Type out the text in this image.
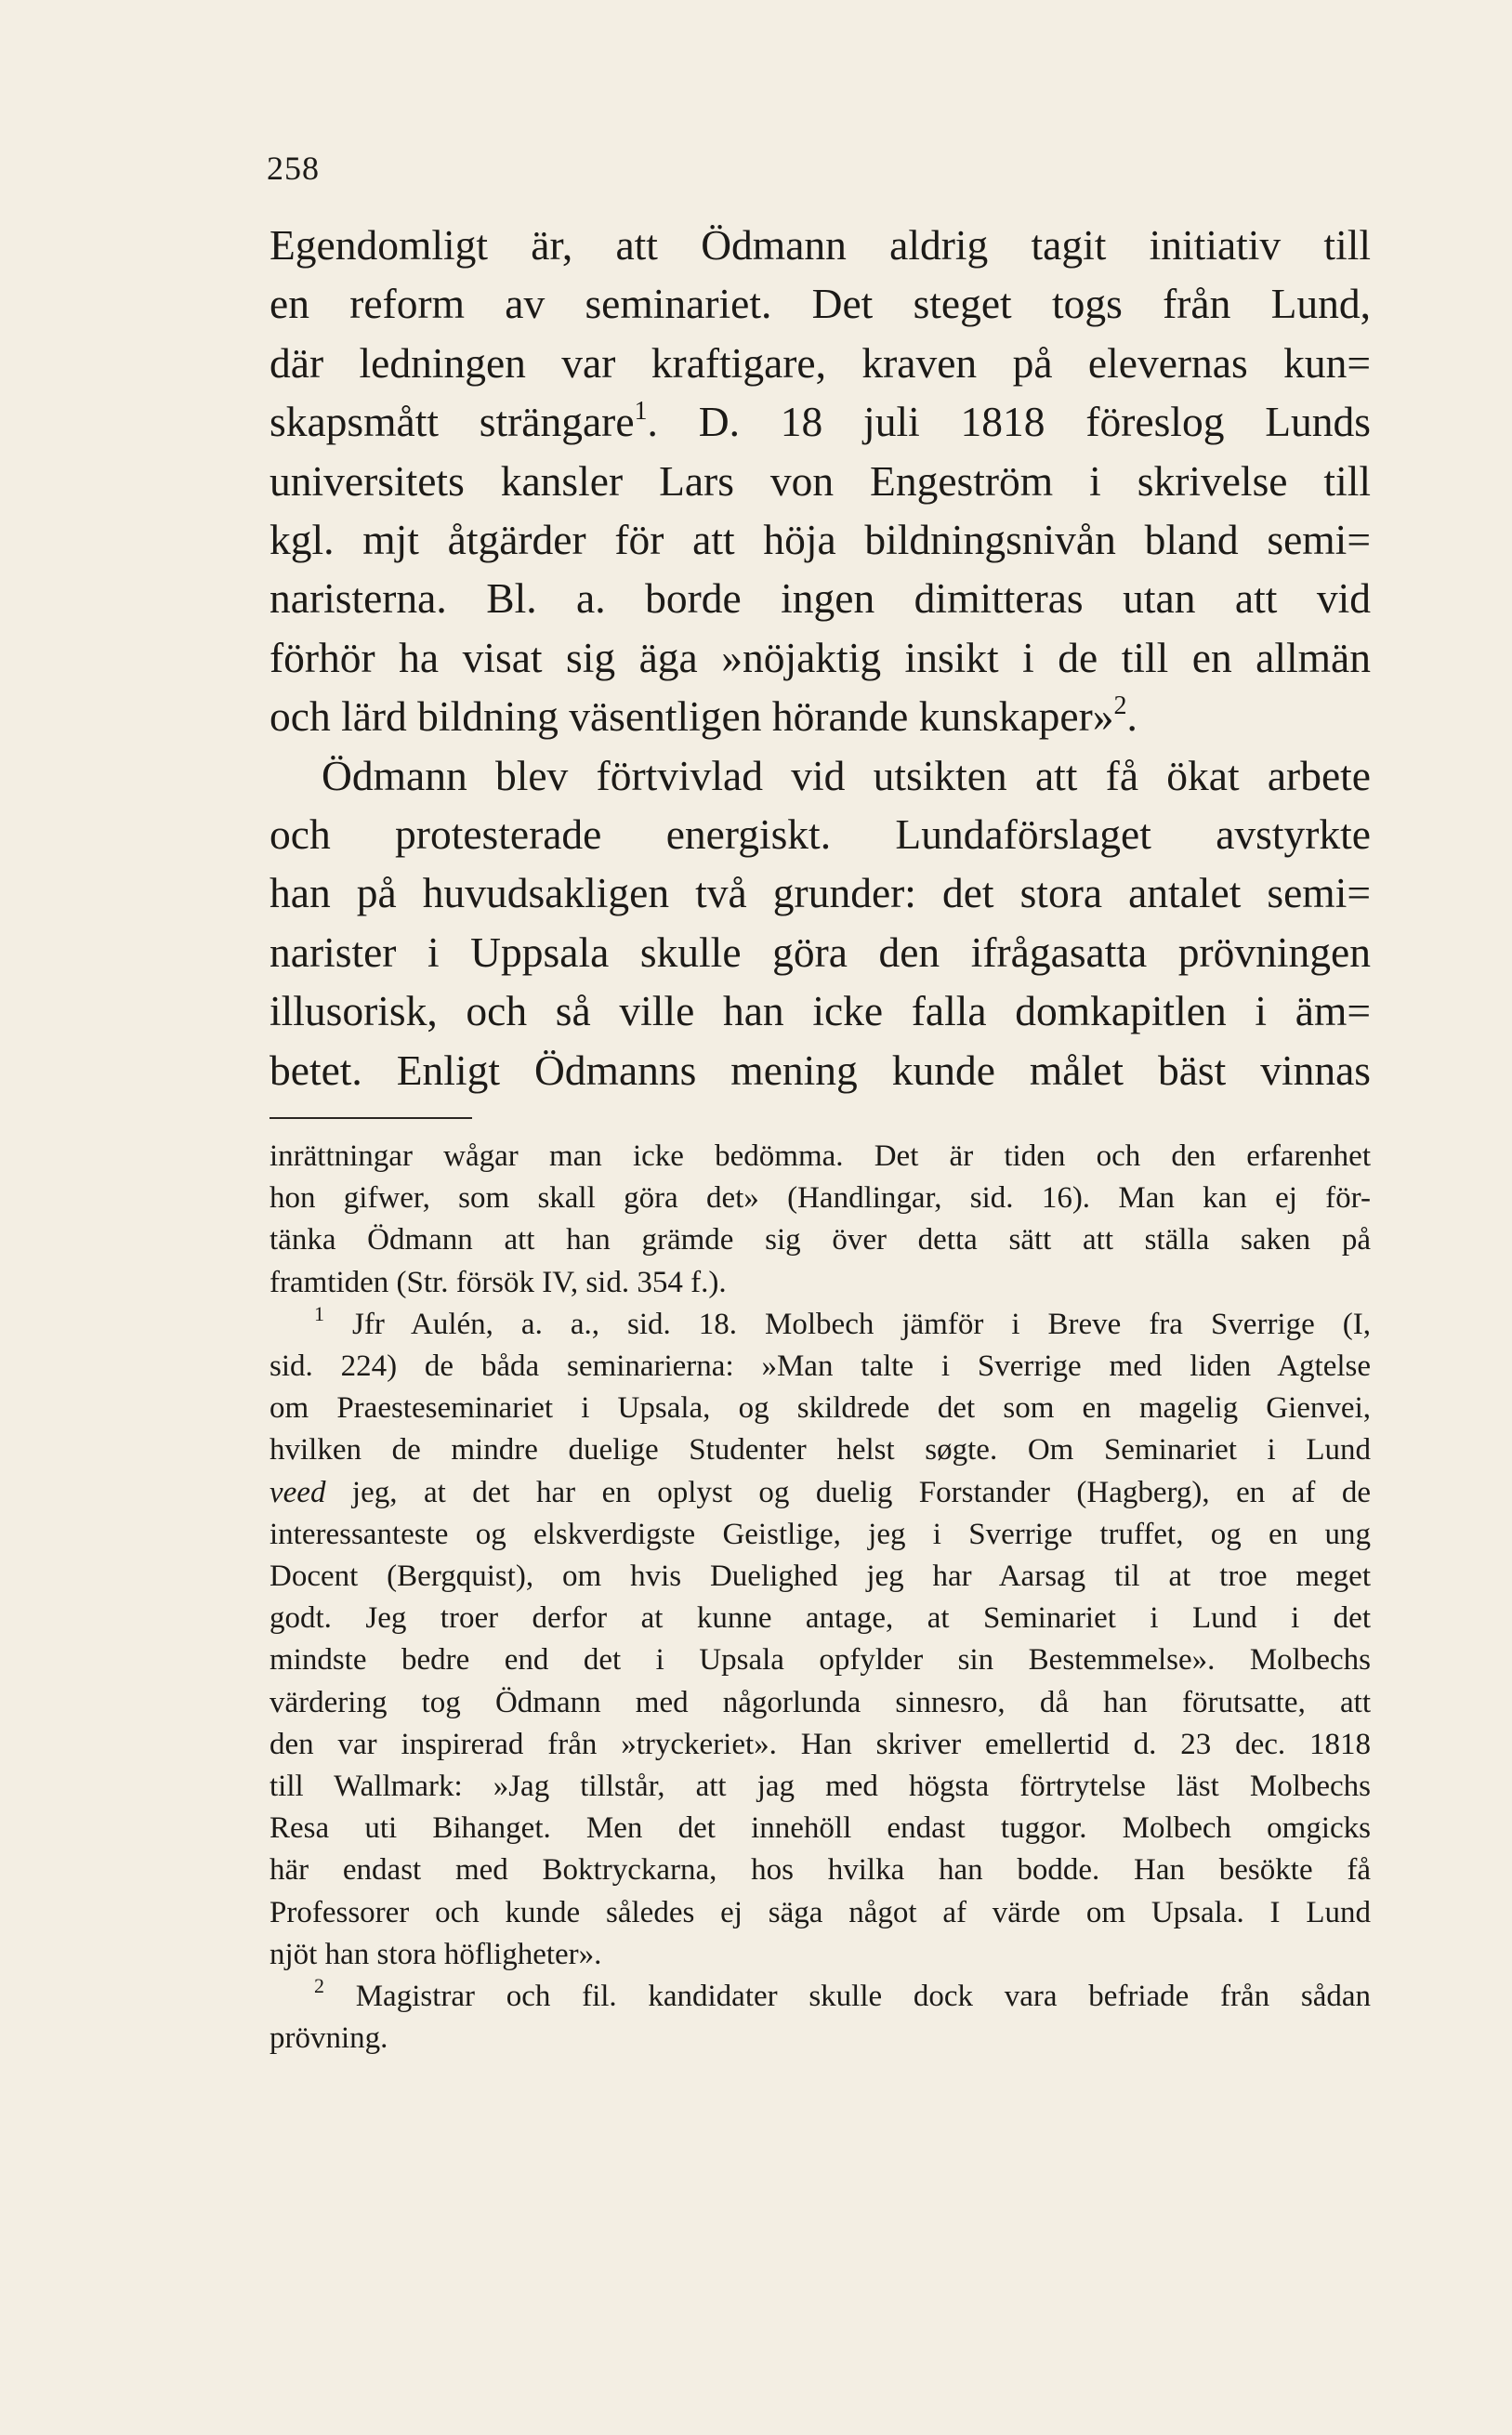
258
Egendomligt är, att Ödmann aldrig tagit initiativ till
en reform av seminariet. Det steget togs från Lund,
där ledningen var kraftigare, kraven på elevernas kun=
skapsmått strängare$^1$. D. 18 juli 1818 föreslog Lunds
universitets kansler Lars von Engeström i skrivelse till
kgl. mjt åtgärder för att höja bildningsnivån bland semi=
naristerna. Bl. a. borde ingen dimitteras utan att vid
förhör ha visat sig äga »nöjaktig insikt i de till en allmän
och lärd bildning väsentligen hörande kunskaper»$^2$.
Ödmann blev förtvivlad vid utsikten att få ökat arbete
och protesterade energiskt. Lundaförslaget avstyrkte
han på huvudsakligen två grunder: det stora antalet semi=
narister i Uppsala skulle göra den ifrågasatta prövningen
illusorisk, och så ville han icke falla domkapitlen i äm=
betet. Enligt Ödmanns mening kunde målet bäst vinnas
inrättningar wågar man icke bedömma. Det är tiden och den erfarenhet
hon gifwer, som skall göra det» (Handlingar, sid. 16). Man kan ej för-
tänka Ödmann att han grämde sig över detta sätt att ställa saken på
framtiden (Str. försök IV, sid. 354 f.).
$^1$ Jfr Aulén, a. a., sid. 18. Molbech jämför i Breve fra Sverrige (I,
sid. 224) de båda seminarierna: »Man talte i Sverrige med liden Agtelse
om Praesteseminariet i Upsala, og skildrede det som en magelig Gienvei,
hvilken de mindre duelige Studenter helst søgte. Om Seminariet i Lund
veed jeg, at det har en oplyst og duelig Forstander (Hagberg), en af de
interessanteste og elskverdigste Geistlige, jeg i Sverrige truffet, og en ung
Docent (Bergquist), om hvis Duelighed jeg har Aarsag til at troe meget
godt. Jeg troer derfor at kunne antage, at Seminariet i Lund i det
mindste bedre end det i Upsala opfylder sin Bestemmelse». Molbechs
värdering tog Ödmann med någorlunda sinnesro, då han förutsatte, att
den var inspirerad från »tryckeriet». Han skriver emellertid d. 23 dec. 1818
till Wallmark: »Jag tillstår, att jag med högsta förtrytelse läst Molbechs
Resa uti Bihanget. Men det innehöll endast tuggor. Molbech omgicks
här endast med Boktryckarna, hos hvilka han bodde. Han besökte få
Professorer och kunde således ej säga något af värde om Upsala. I Lund
njöt han stora höfligheter».
$^2$ Magistrar och fil. kandidater skulle dock vara befriade från sådan
prövning.
